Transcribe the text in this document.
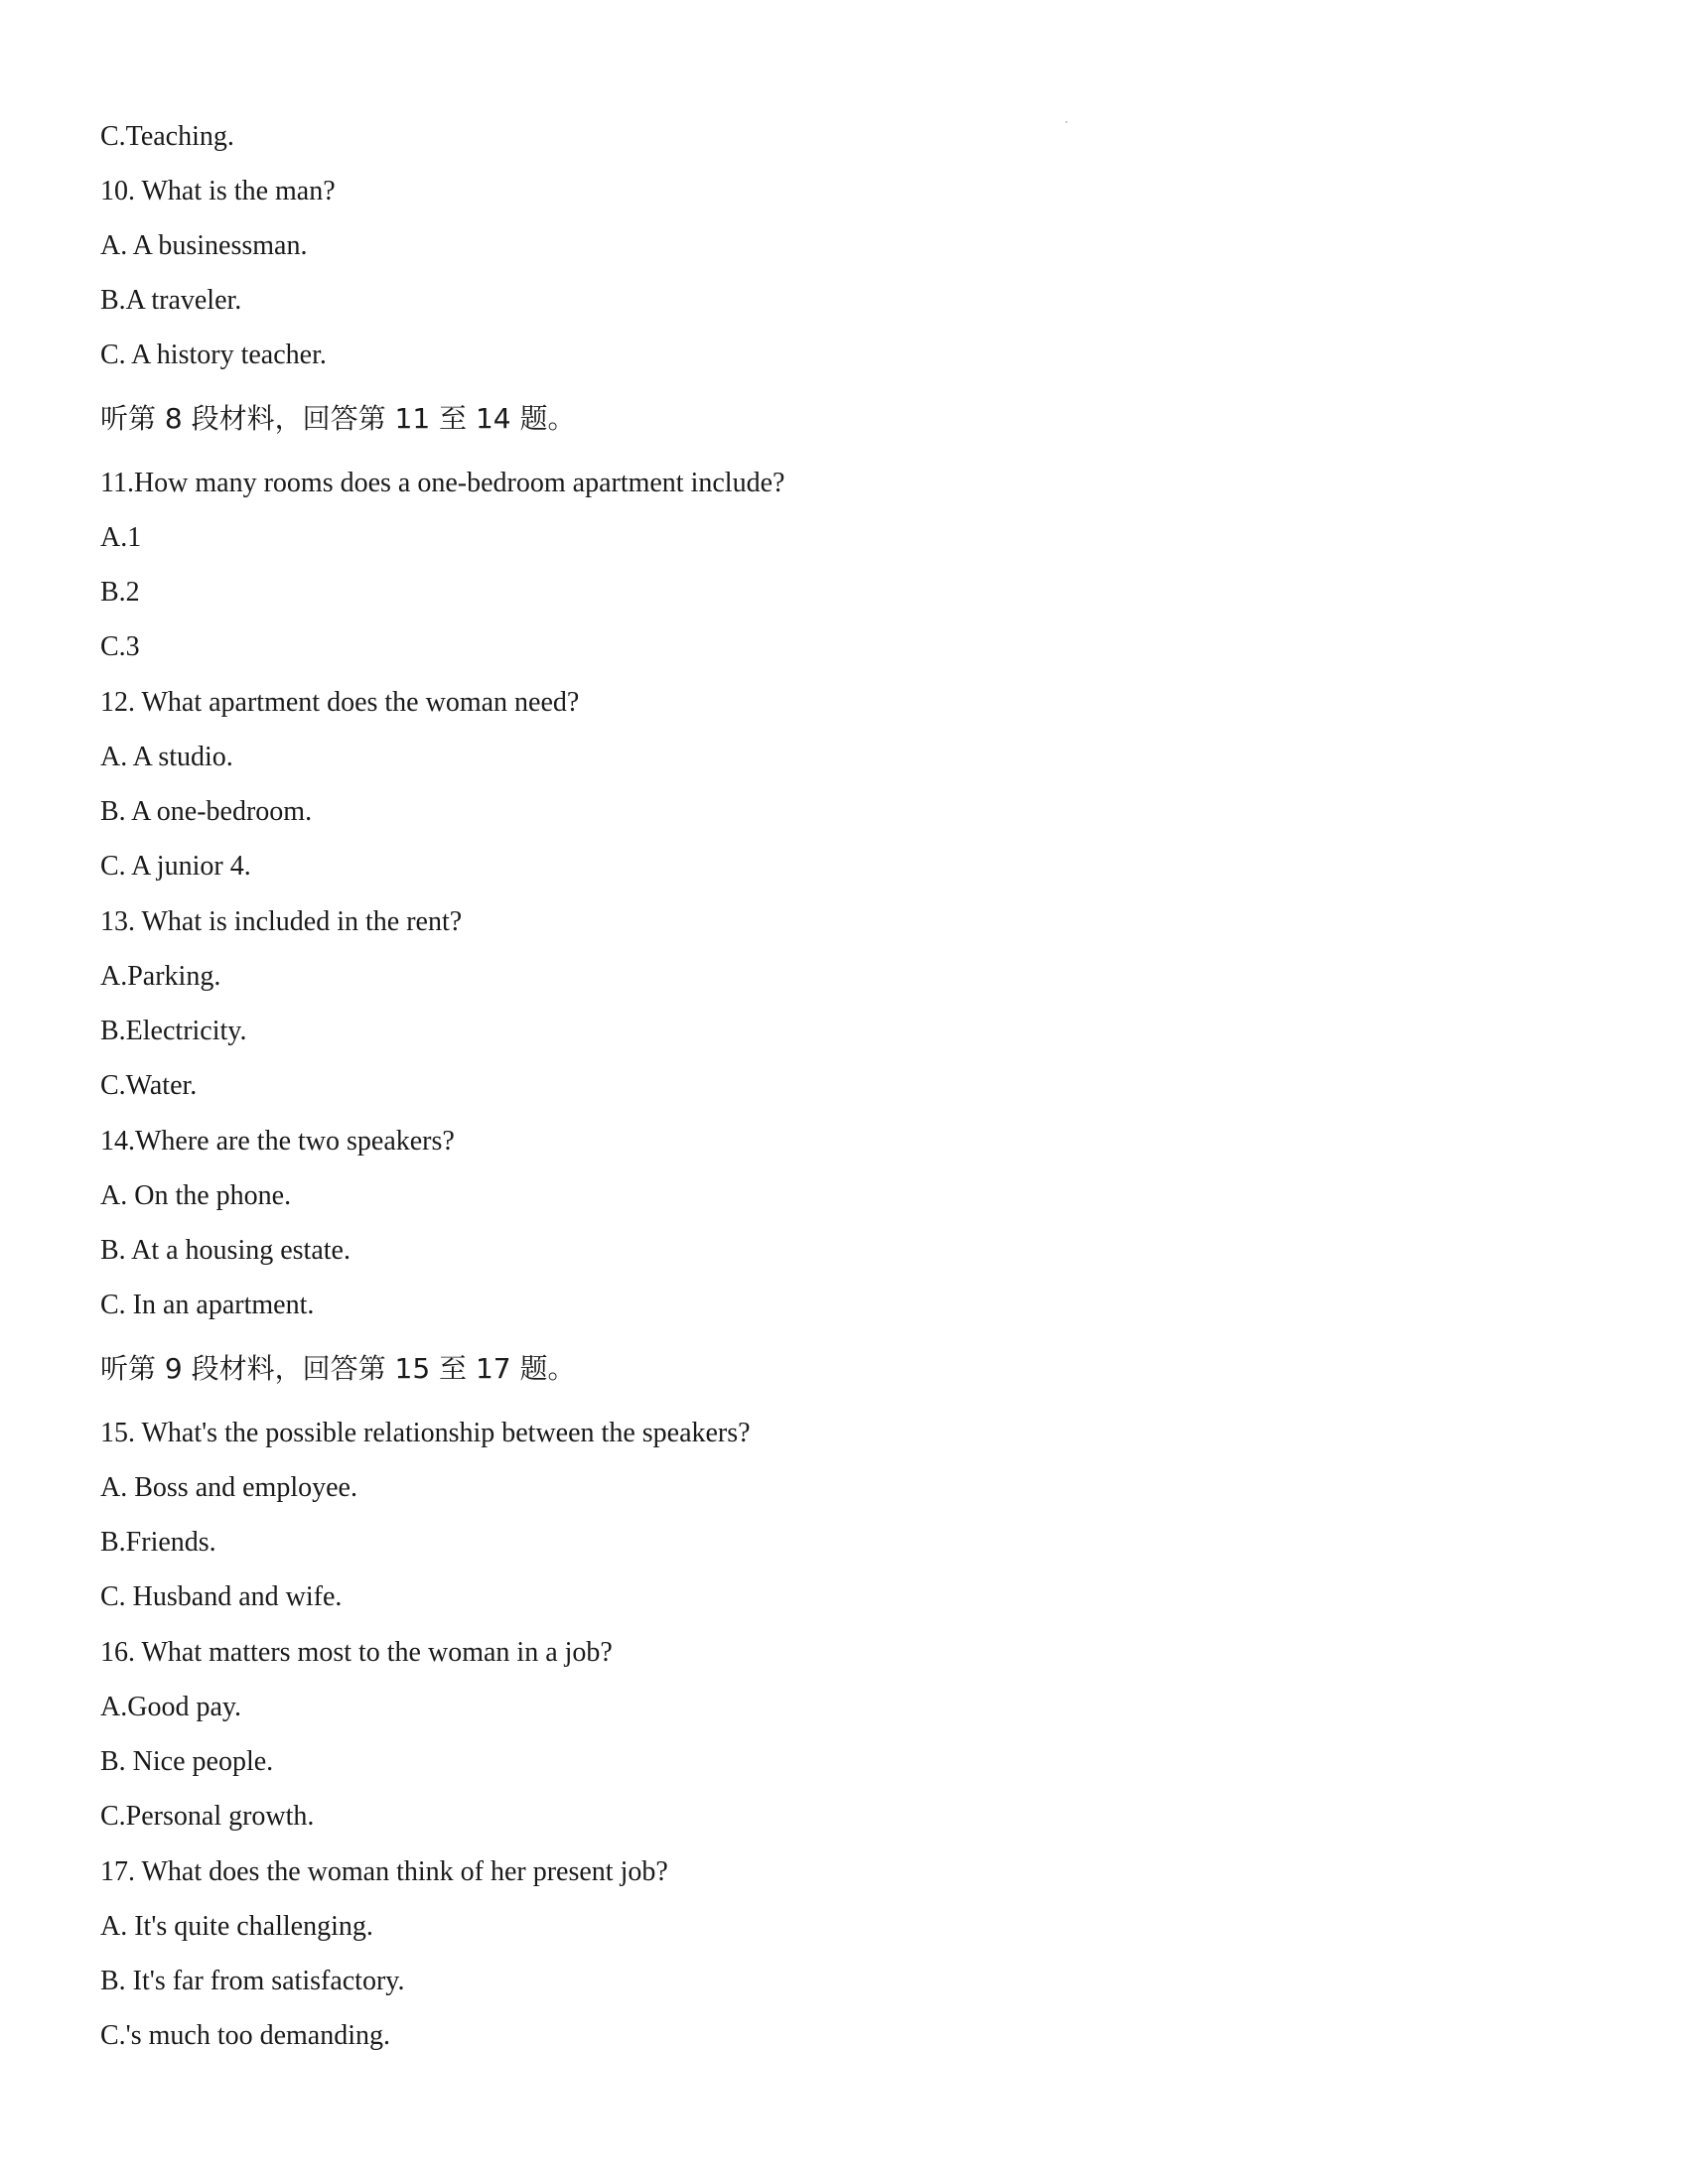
C.Teaching.
10. What is the man?
A. A businessman.
B.A traveler.
C. A history teacher.
听第 8 段材料，回答第 11 至 14 题。
11.How many rooms does a one-bedroom apartment include?
A.1
B.2
C.3
12. What apartment does the woman need?
A. A studio.
B. A one-bedroom.
C. A junior 4.
13. What is included in the rent?
A.Parking.
B.Electricity.
C.Water.
14.Where are the two speakers?
A. On the phone.
B. At a housing estate.
C. In an apartment.
听第 9 段材料，回答第 15 至 17 题。
15. What's the possible relationship between the speakers?
A. Boss and employee.
B.Friends.
C. Husband and wife.
16. What matters most to the woman in a job?
A.Good pay.
B. Nice people.
C.Personal growth.
17. What does the woman think of her present job?
A. It's quite challenging.
B. It's far from satisfactory.
C.'s much too demanding.
